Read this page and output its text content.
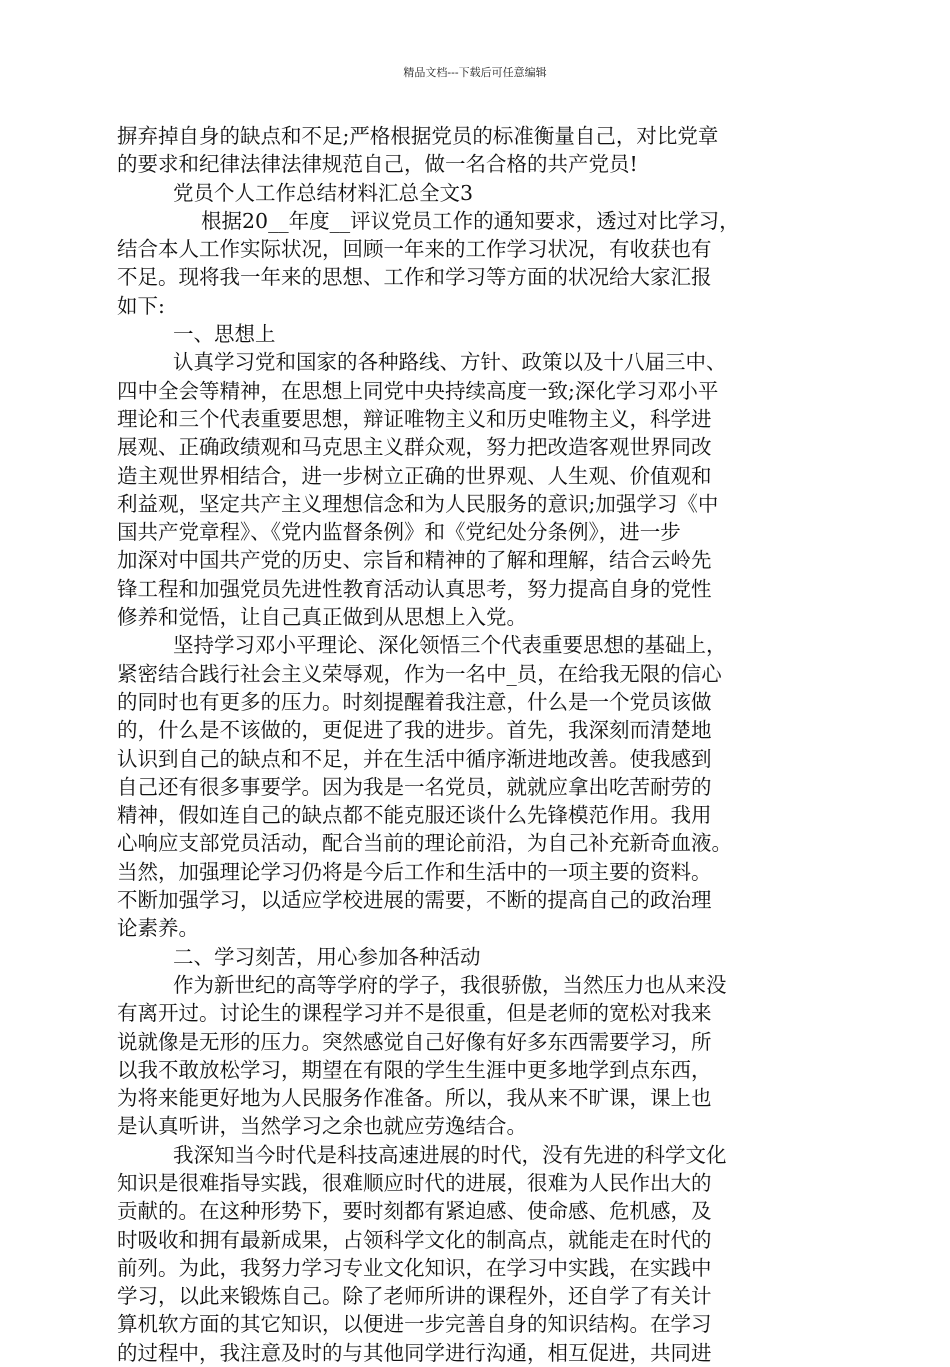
精品文档---下载后可任意编辑
摒弃掉自身的缺点和不足;严格根据党员的标准衡量自己，对比党章
的要求和纪律法律法律规范自己，做一名合格的共产党员!
党员个人工作总结材料汇总全文3
根据20__年度__评议党员工作的通知要求，透过对比学习，
结合本人工作实际状况，回顾一年来的工作学习状况，有收获也有
不足。现将我一年来的思想、工作和学习等方面的状况给大家汇报
如下:
一、思想上
认真学习党和国家的各种路线、方针、政策以及十八届三中、
四中全会等精神，在思想上同党中央持续高度一致;深化学习邓小平
理论和三个代表重要思想，辩证唯物主义和历史唯物主义，科学进
展观、正确政绩观和马克思主义群众观，努力把改造客观世界同改
造主观世界相结合，进一步树立正确的世界观、人生观、价值观和
利益观，坚定共产主义理想信念和为人民服务的意识;加强学习《中
国共产党章程》、《党内监督条例》和《党纪处分条例》，进一步
加深对中国共产党的历史、宗旨和精神的了解和理解，结合云岭先
锋工程和加强党员先进性教育活动认真思考，努力提高自身的党性
修养和觉悟，让自己真正做到从思想上入党。
坚持学习邓小平理论、深化领悟三个代表重要思想的基础上，
紧密结合践行社会主义荣辱观，作为一名中_员，在给我无限的信心
的同时也有更多的压力。时刻提醒着我注意，什么是一个党员该做
的，什么是不该做的，更促进了我的进步。首先，我深刻而清楚地
认识到自己的缺点和不足，并在生活中循序渐进地改善。使我感到
自己还有很多事要学。因为我是一名党员，就就应拿出吃苦耐劳的
精神，假如连自己的缺点都不能克服还谈什么先锋模范作用。我用
心响应支部党员活动，配合当前的理论前沿，为自己补充新奇血液。
当然，加强理论学习仍将是今后工作和生活中的一项主要的资料。
不断加强学习，以适应学校进展的需要，不断的提高自己的政治理
论素养。
二、学习刻苦，用心参加各种活动
作为新世纪的高等学府的学子，我很骄傲，当然压力也从来没
有离开过。讨论生的课程学习并不是很重，但是老师的宽松对我来
说就像是无形的压力。突然感觉自己好像有好多东西需要学习，所
以我不敢放松学习，期望在有限的学生生涯中更多地学到点东西，
为将来能更好地为人民服务作准备。所以，我从来不旷课，课上也
是认真听讲，当然学习之余也就应劳逸结合。
我深知当今时代是科技高速进展的时代，没有先进的科学文化
知识是很难指导实践，很难顺应时代的进展，很难为人民作出大的
贡献的。在这种形势下，要时刻都有紧迫感、使命感、危机感，及
时吸收和拥有最新成果，占领科学文化的制高点，就能走在时代的
前列。为此，我努力学习专业文化知识，在学习中实践，在实践中
学习，以此来锻炼自己。除了老师所讲的课程外，还自学了有关计
算机软方面的其它知识，以便进一步完善自身的知识结构。在学习
的过程中，我注意及时的与其他同学进行沟通，相互促进，共同进
